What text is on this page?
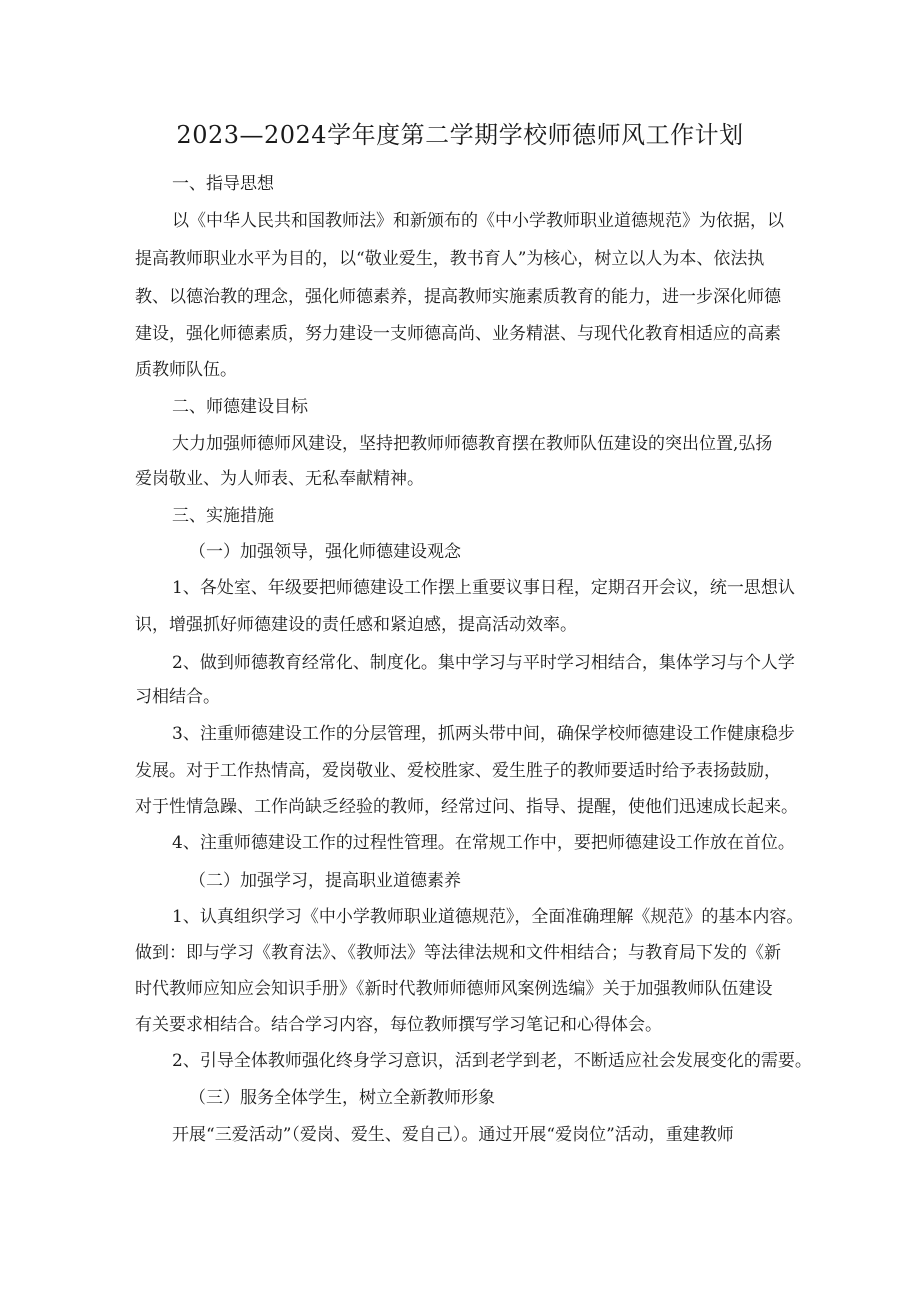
2023—2024学年度第二学期学校师德师风工作计划
一、指导思想
以《中华人民共和国教师法》和新颁布的《中小学教师职业道德规范》为依据，以
提高教师职业水平为目的，以“敬业爱生，教书育人”为核心，树立以人为本、依法执
教、以德治教的理念，强化师德素养，提高教师实施素质教育的能力，进一步深化师德
建设，强化师德素质，努力建设一支师德高尚、业务精湛、与现代化教育相适应的高素
质教师队伍。
二、师德建设目标
大力加强师德师风建设，坚持把教师师德教育摆在教师队伍建设的突出位置,弘扬
爱岗敬业、为人师表、无私奉献精神。
三、实施措施
（一）加强领导，强化师德建设观念
1、各处室、年级要把师德建设工作摆上重要议事日程，定期召开会议，统一思想认
识，增强抓好师德建设的责任感和紧迫感，提高活动效率。
2、做到师德教育经常化、制度化。集中学习与平时学习相结合，集体学习与个人学
习相结合。
3、注重师德建设工作的分层管理，抓两头带中间，确保学校师德建设工作健康稳步
发展。对于工作热情高，爱岗敬业、爱校胜家、爱生胜子的教师要适时给予表扬鼓励，
对于性情急躁、工作尚缺乏经验的教师，经常过问、指导、提醒，使他们迅速成长起来。
4、注重师德建设工作的过程性管理。在常规工作中，要把师德建设工作放在首位。
（二）加强学习，提高职业道德素养
1、认真组织学习《中小学教师职业道德规范》，全面准确理解《规范》的基本内容。
做到：即与学习《教育法》、《教师法》等法律法规和文件相结合；与教育局下发的《新
时代教师应知应会知识手册》《新时代教师师德师风案例选编》关于加强教师队伍建设
有关要求相结合。结合学习内容，每位教师撰写学习笔记和心得体会。
2、引导全体教师强化终身学习意识，活到老学到老，不断适应社会发展变化的需要。
（三）服务全体学生，树立全新教师形象
开展“三爱活动”（爱岗、爱生、爱自己）。通过开展“爱岗位”活动，重建教师
